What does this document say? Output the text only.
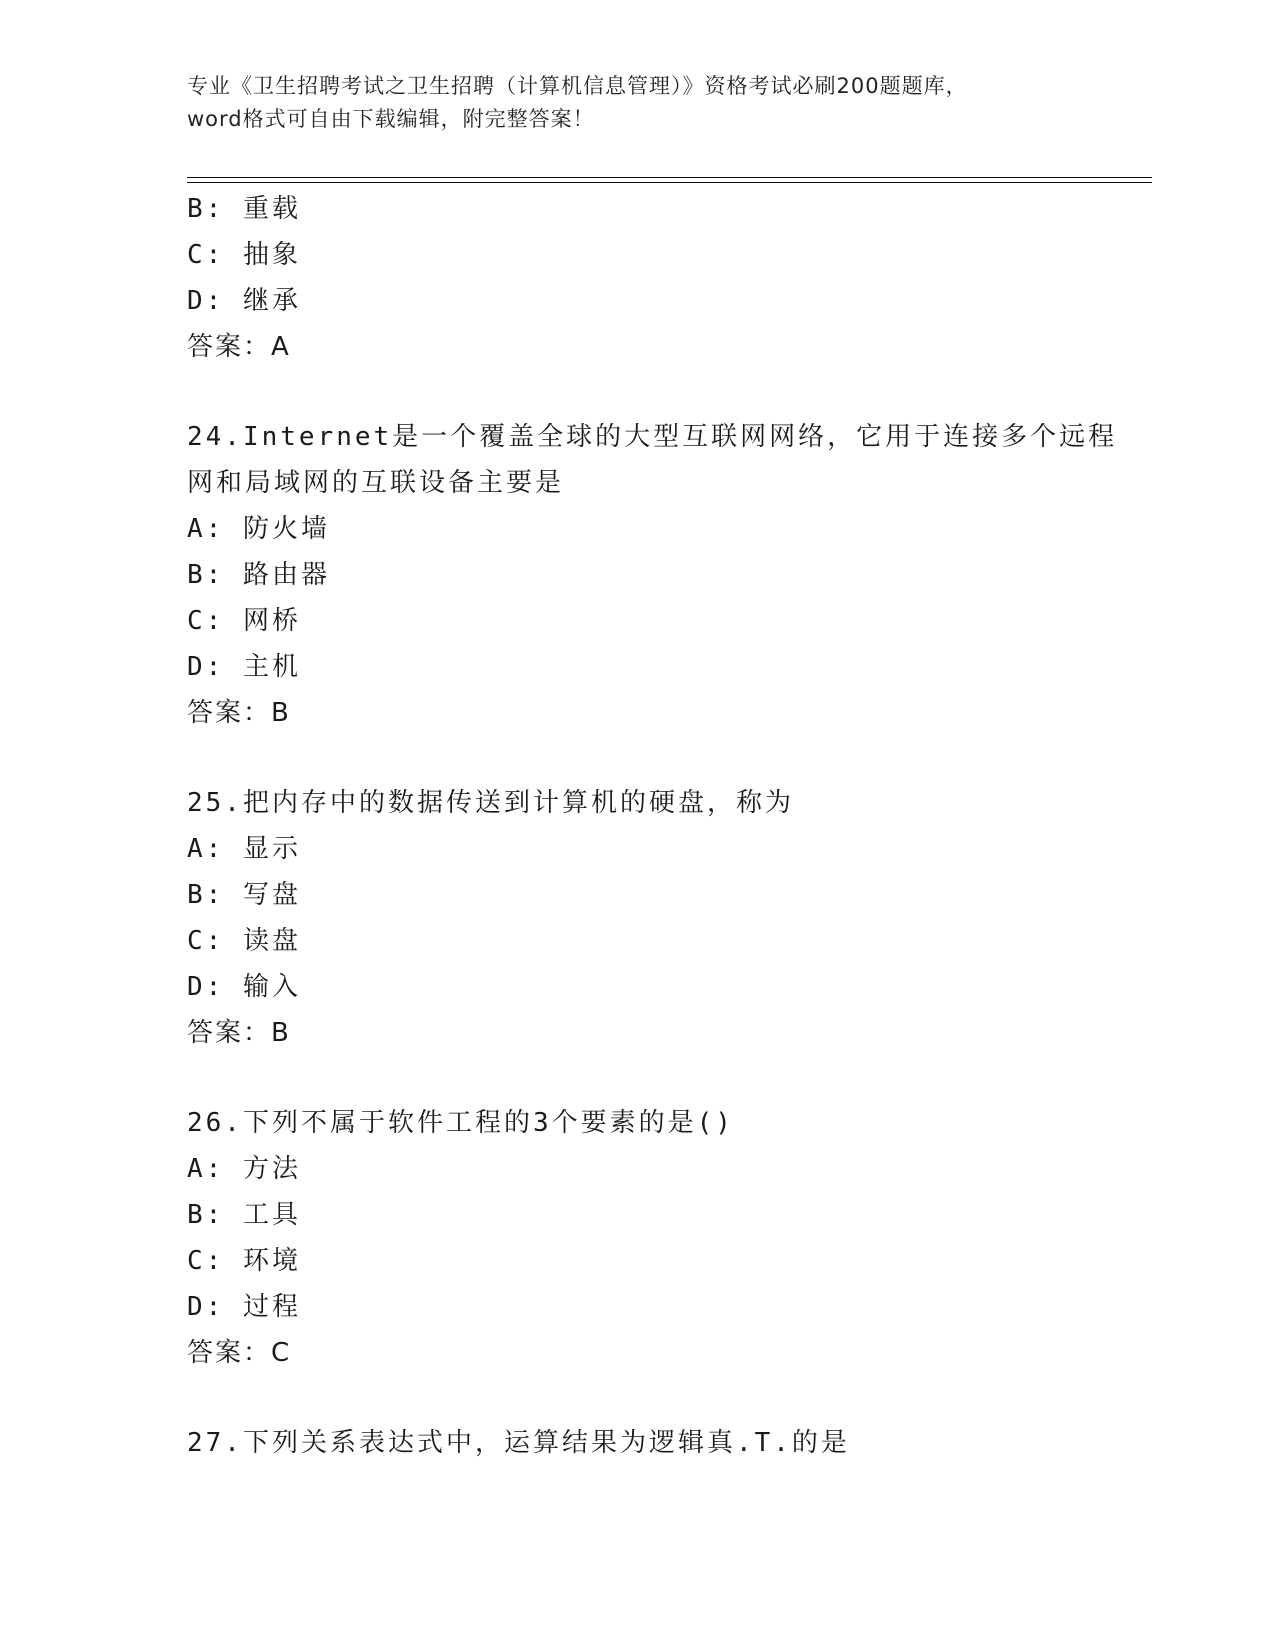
专业《卫生招聘考试之卫生招聘（计算机信息管理）》资格考试必刷200题题库，
word格式可自由下载编辑，附完整答案！
B: 重载
C: 抽象
D: 继承
答案：A
24.Internet是一个覆盖全球的大型互联网网络，它用于连接多个远程
网和局域网的互联设备主要是
A: 防火墙
B: 路由器
C: 网桥
D: 主机
答案：B
25.把内存中的数据传送到计算机的硬盘，称为
A: 显示
B: 写盘
C: 读盘
D: 输入
答案：B
26.下列不属于软件工程的3个要素的是()
A: 方法
B: 工具
C: 环境
D: 过程
答案：C
27.下列关系表达式中，运算结果为逻辑真.T.的是
